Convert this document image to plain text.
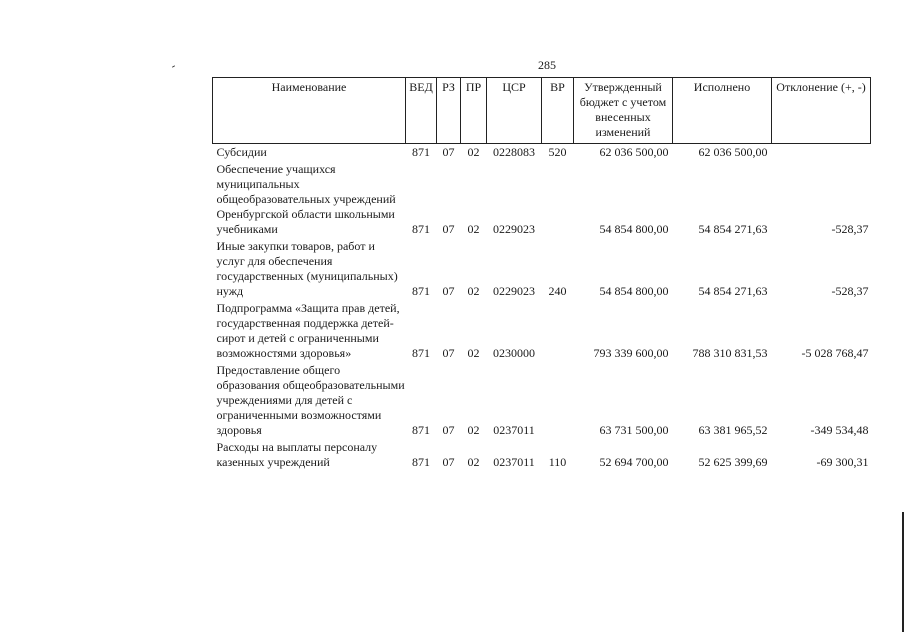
285
Наименование	ВЕД	РЗ	ПР	ЦСР	ВР	Утвержденный бюджет с учетом внесенных изменений	Исполнено	Отклонение (+, -)
Субсидии	871	07	02	0228083	520	62 036 500,00	62 036 500,00	
Обеспечение учащихся муниципальных общеобразовательных учреждений Оренбургской области школьными учебниками	871	07	02	0229023		54 854 800,00	54 854 271,63	-528,37
Иные закупки товаров, работ и услуг для обеспечения государственных (муниципальных) нужд	871	07	02	0229023	240	54 854 800,00	54 854 271,63	-528,37
Подпрограмма «Защита прав детей, государственная поддержка детей-сирот и детей с ограниченными возможностями здоровья»	871	07	02	0230000		793 339 600,00	788 310 831,53	-5 028 768,47
Предоставление общего образования общеобразовательными учреждениями для детей с ограниченными возможностями здоровья	871	07	02	0237011		63 731 500,00	63 381 965,52	-349 534,48
Расходы на выплаты персоналу казенных учреждений	871	07	02	0237011	110	52 694 700,00	52 625 399,69	-69 300,31
